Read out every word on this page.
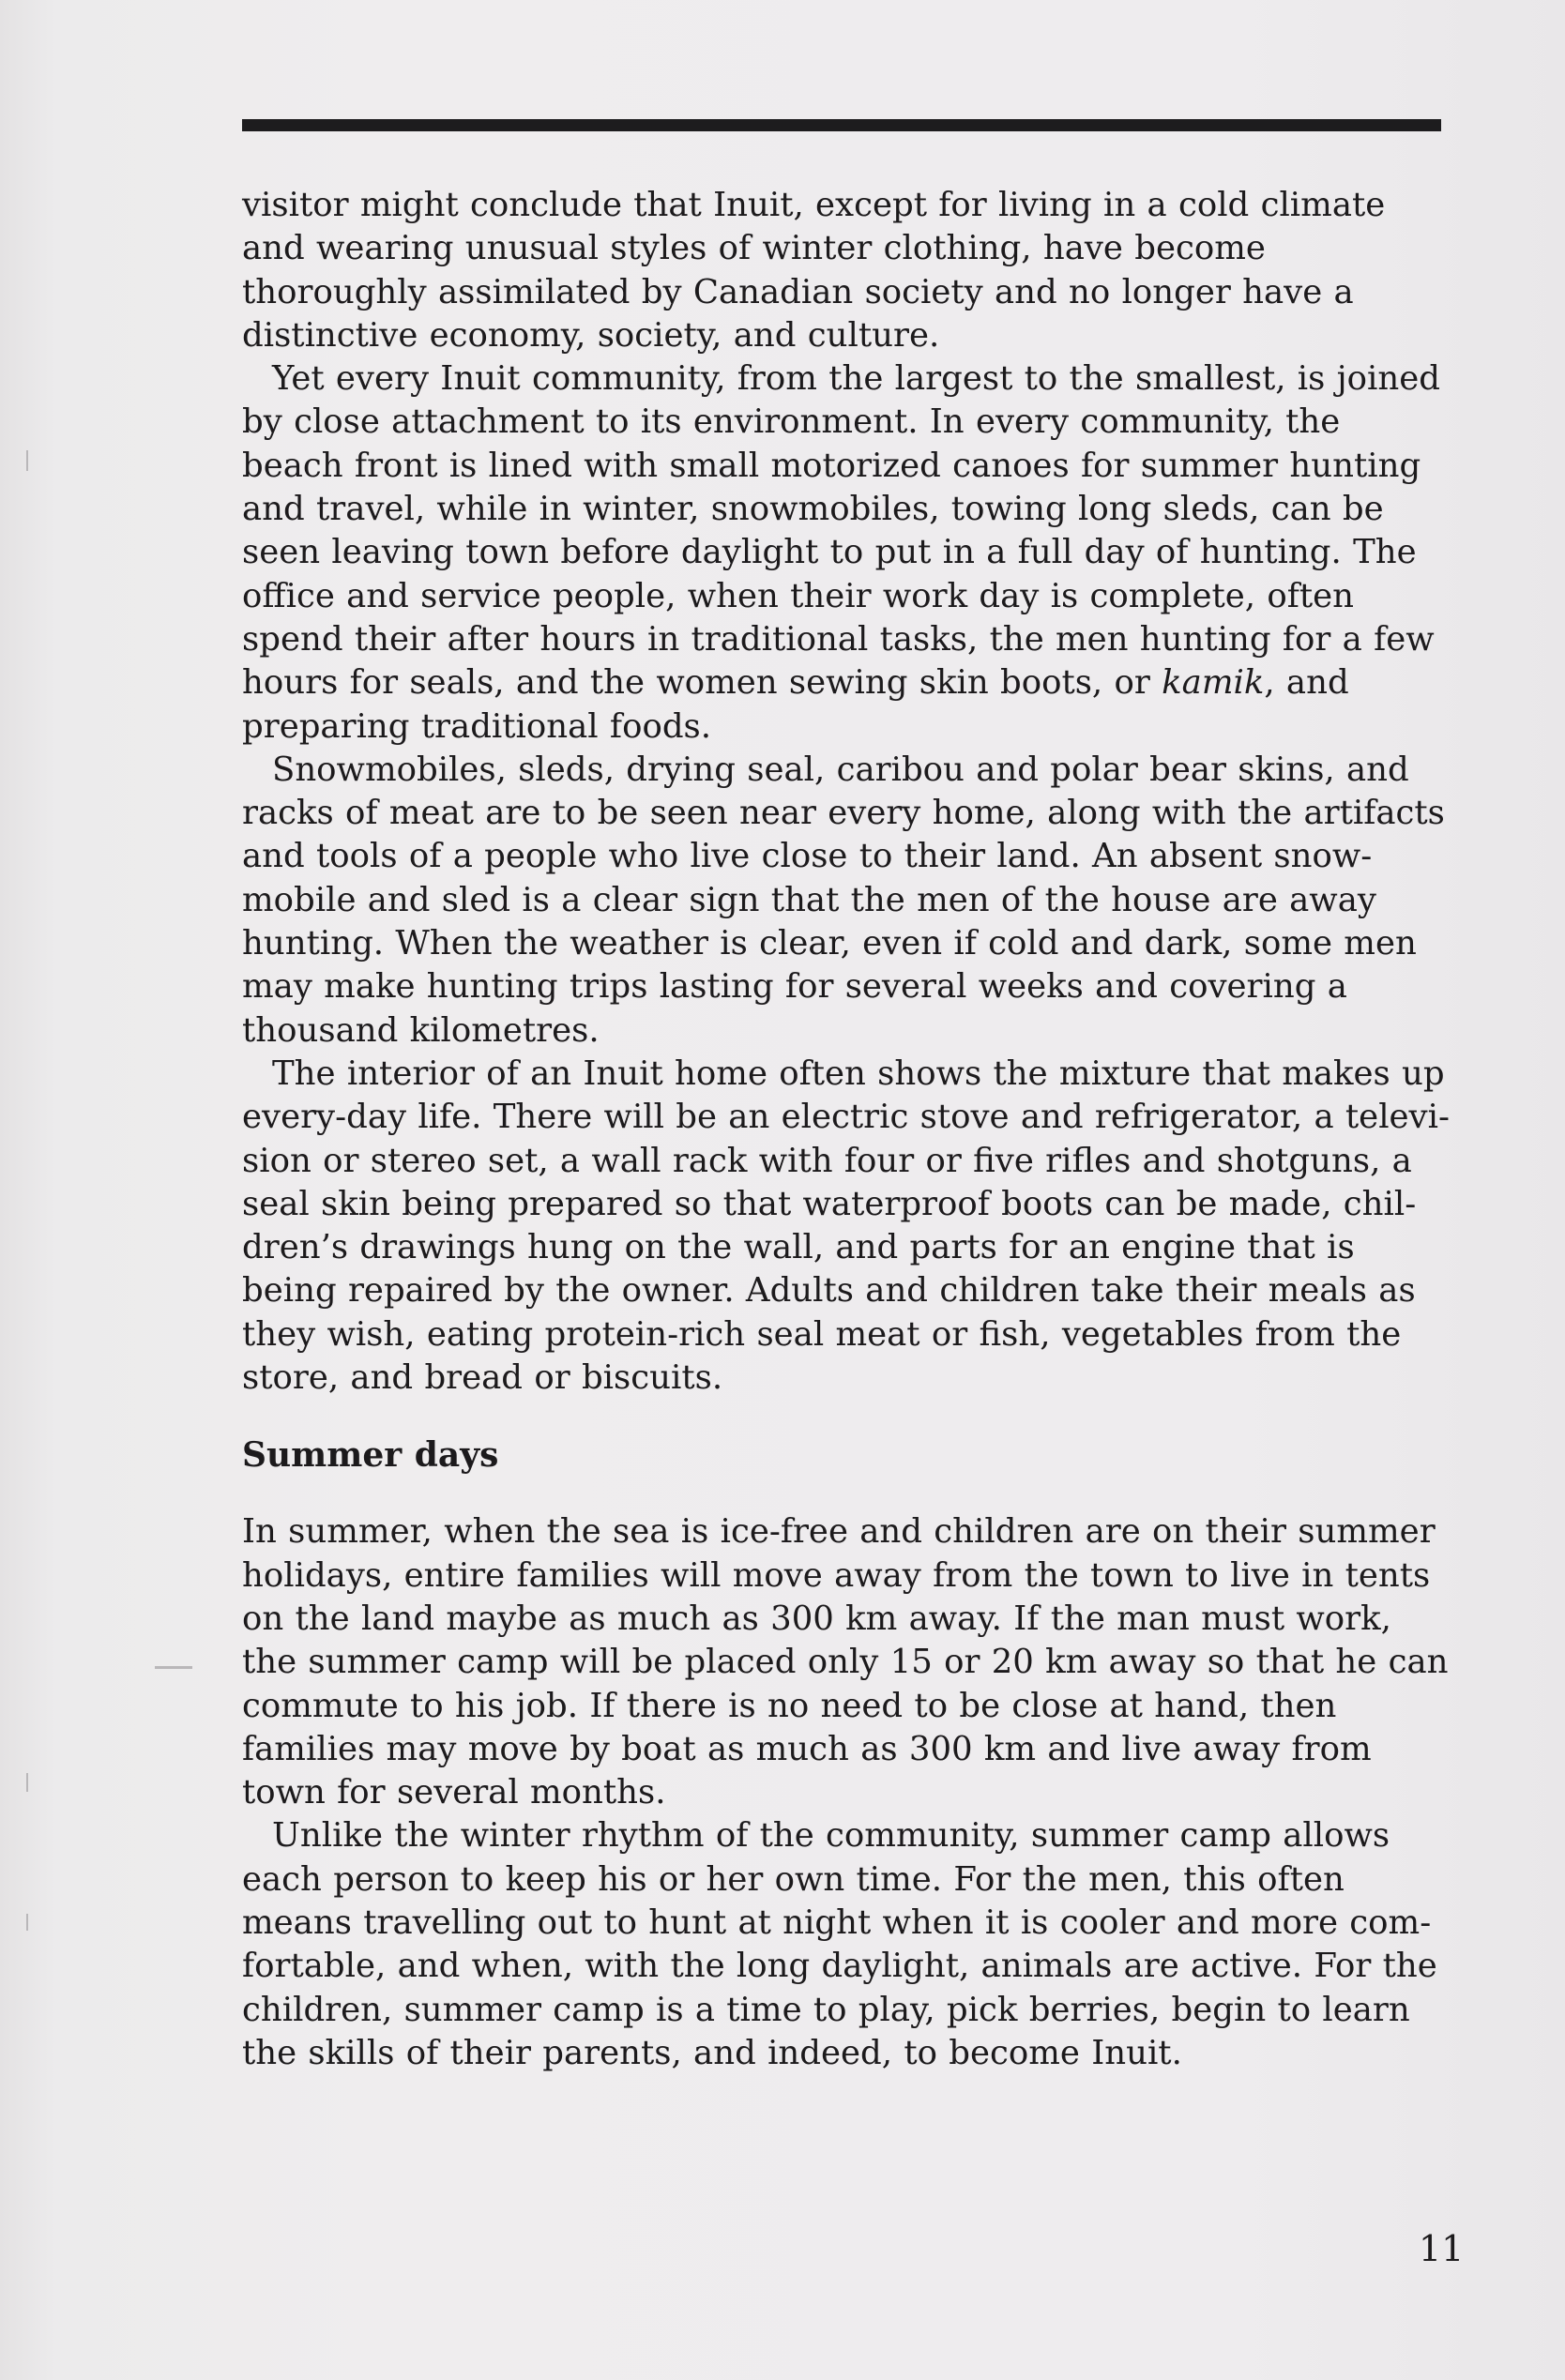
visitor might conclude that Inuit, except for living in a cold climate and wearing unusual styles of winter clothing, have become thoroughly assimilated by Canadian society and no longer have a distinctive economy, society, and culture.

Yet every Inuit community, from the largest to the smallest, is joined by close attachment to its environment. In every community, the beach front is lined with small motorized canoes for summer hunting and travel, while in winter, snowmobiles, towing long sleds, can be seen leaving town before daylight to put in a full day of hunting. The office and service people, when their work day is complete, often spend their after hours in traditional tasks, the men hunting for a few hours for seals, and the women sewing skin boots, or kamik, and preparing traditional foods.

Snowmobiles, sleds, drying seal, caribou and polar bear skins, and racks of meat are to be seen near every home, along with the artifacts and tools of a people who live close to their land. An absent snow-mobile and sled is a clear sign that the men of the house are away hunting. When the weather is clear, even if cold and dark, some men may make hunting trips lasting for several weeks and covering a thousand kilometres.

The interior of an Inuit home often shows the mixture that makes up every-day life. There will be an electric stove and refrigerator, a televi-sion or stereo set, a wall rack with four or five rifles and shotguns, a seal skin being prepared so that waterproof boots can be made, chil-dren’s drawings hung on the wall, and parts for an engine that is being repaired by the owner. Adults and children take their meals as they wish, eating protein-rich seal meat or fish, vegetables from the store, and bread or biscuits.

Summer days

In summer, when the sea is ice-free and children are on their summer holidays, entire families will move away from the town to live in tents on the land maybe as much as 300 km away. If the man must work, the summer camp will be placed only 15 or 20 km away so that he can commute to his job. If there is no need to be close at hand, then families may move by boat as much as 300 km and live away from town for several months.

Unlike the winter rhythm of the community, summer camp allows each person to keep his or her own time. For the men, this often means travelling out to hunt at night when it is cooler and more com-fortable, and when, with the long daylight, animals are active. For the children, summer camp is a time to play, pick berries, begin to learn the skills of their parents, and indeed, to become Inuit.

11
